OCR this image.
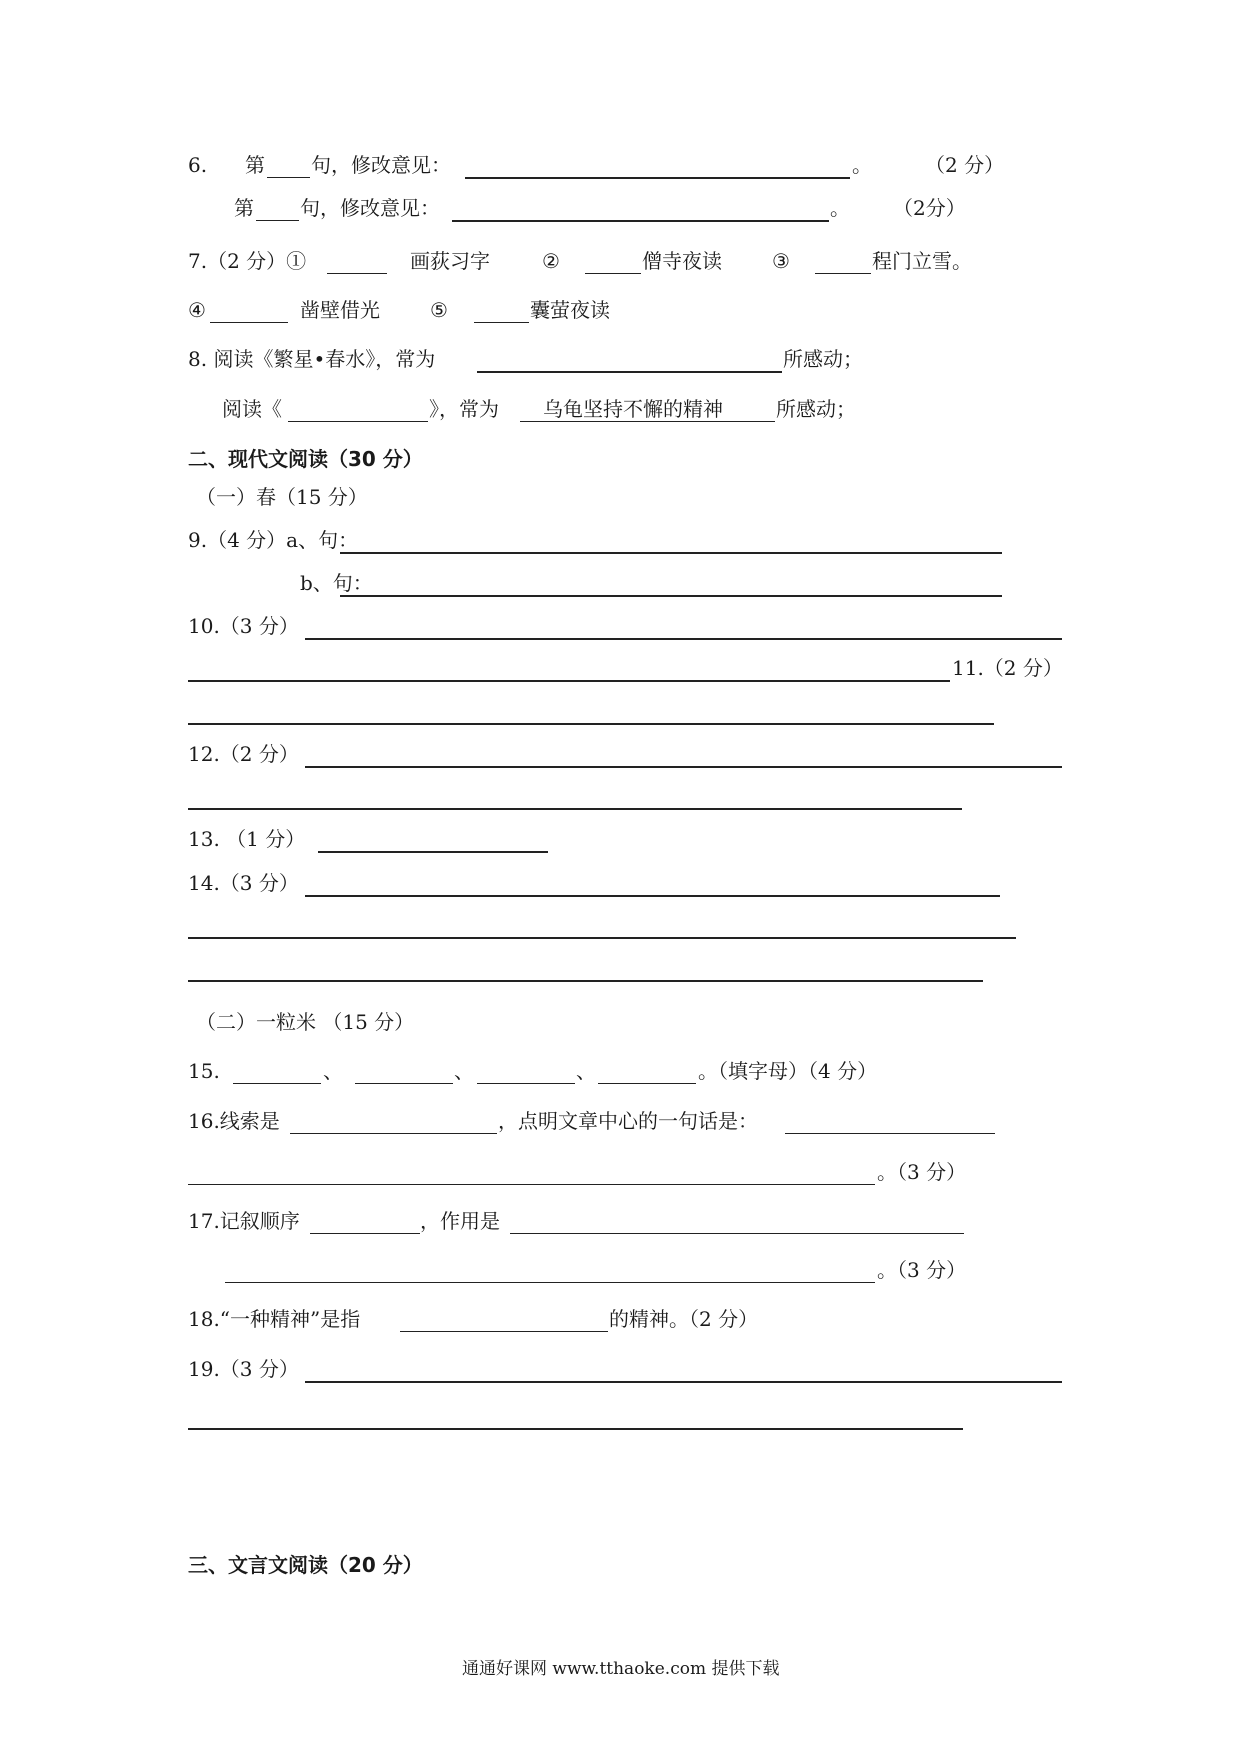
6. 第 句，修改意见：	。	（2 分）
第 句，修改意见：	。 （2分）
7.（2 分）①	画荻习字	②	僧寺夜读	③	程门立雪。
④	凿壁借光	⑤	囊萤夜读
8. 阅读《繁星•春水》，常为	所感动；
阅读《	》，常为 乌龟坚持不懈的精神	所感动；
二、现代文阅读（30 分）
（一）春（15 分）
9.（4 分）a、句：
b、句：
10.（3 分）
11.（2 分）
12.（2 分）
13. （1 分）
14.（3 分）
（二）一粒米 （15 分）
15.	、	、	、	。（填字母）（4 分）
16.线索是	，点明文章中心的一句话是：
。（3 分）
17.记叙顺序	，作用是
。（3 分）
18.“一种精神”是指	的精神。（2 分）
19.（3 分）
三、文言文阅读（20 分）
通通好课网 www.tthaoke.com 提供下载
